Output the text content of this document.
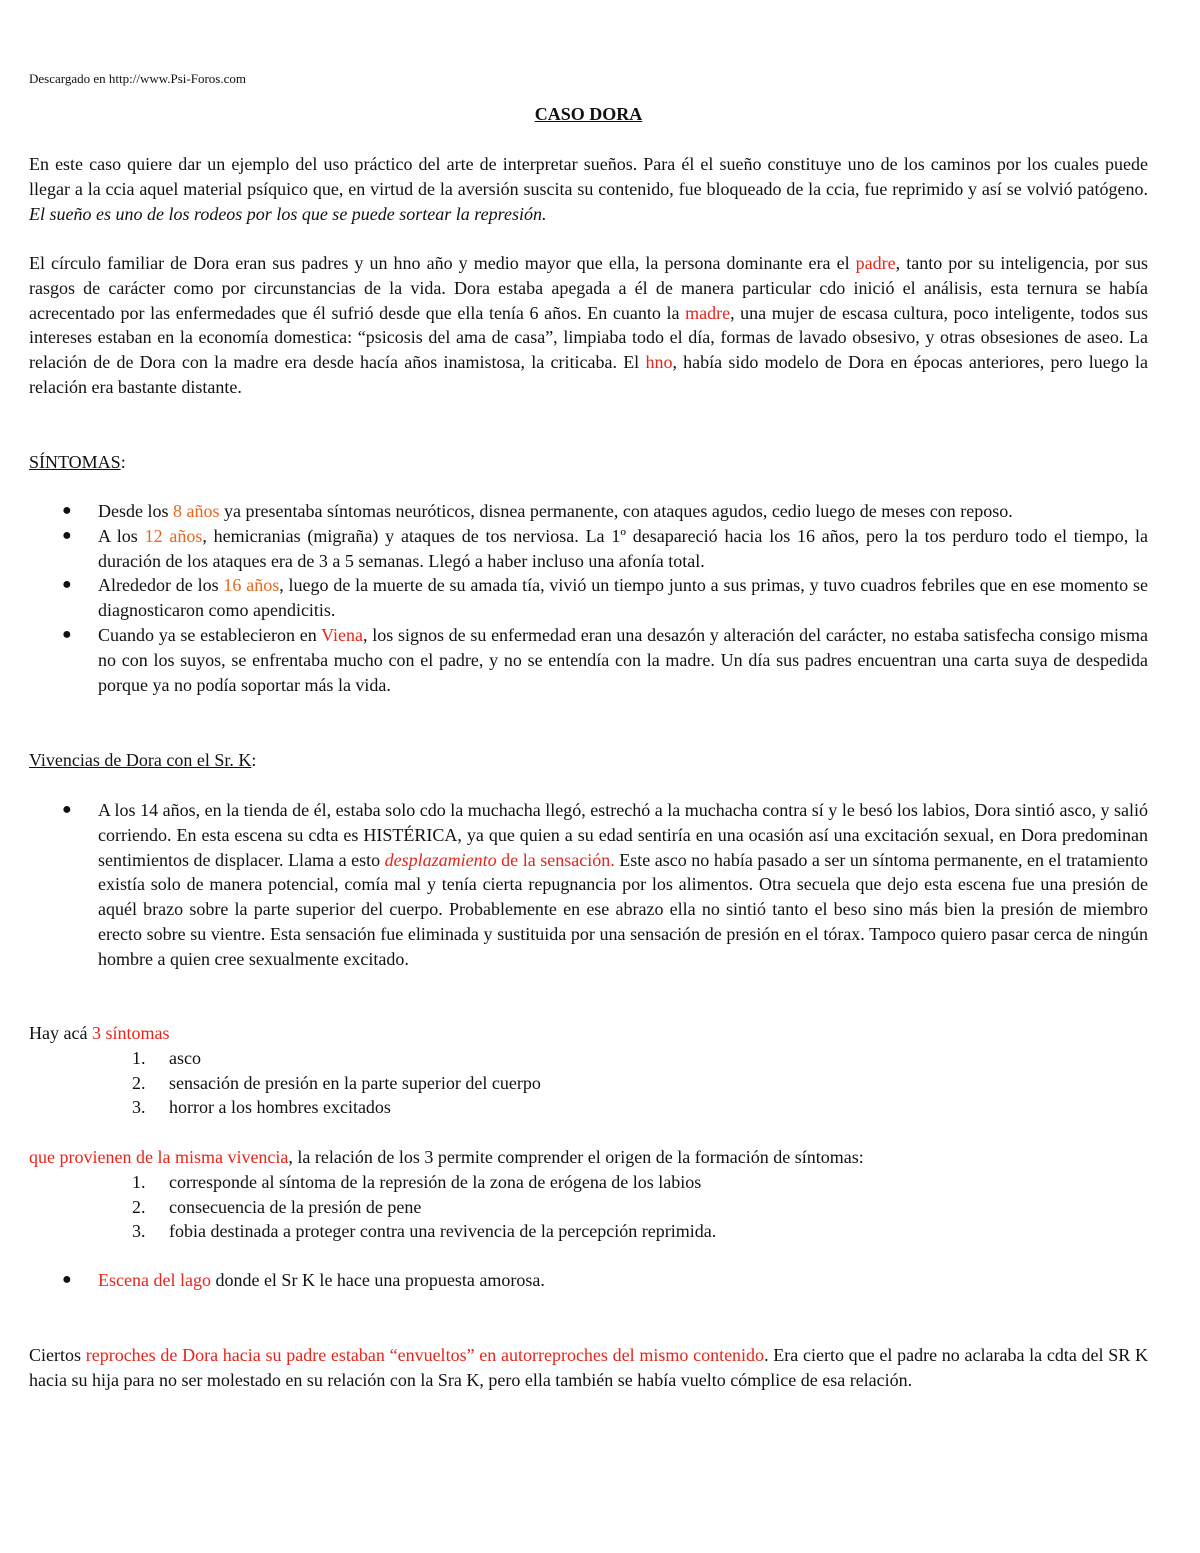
Descargado en http://www.Psi-Foros.com
CASO DORA
En este caso quiere dar un ejemplo del uso práctico del arte de interpretar sueños. Para él el sueño constituye uno de los caminos por los cuales puede llegar a la ccia aquel material psíquico que, en virtud de la aversión suscita su contenido, fue bloqueado de la ccia, fue reprimido y así se volvió patógeno. El sueño es uno de los rodeos por los que se puede sortear la represión.
El círculo familiar de Dora eran sus padres y un hno año y medio mayor que ella, la persona dominante era el padre, tanto por su inteligencia, por sus rasgos de carácter como por circunstancias de la vida. Dora estaba apegada a él de manera particular cdo inició el análisis, esta ternura se había acrecentado por las enfermedades que él sufrió desde que ella tenía 6 años. En cuanto la madre, una mujer de escasa cultura, poco inteligente, todos sus intereses estaban en la economía domestica: “psicosis del ama de casa”, limpiaba todo el día, formas de lavado obsesivo, y otras obsesiones de aseo. La relación de de Dora con la madre era desde hacía años inamistosa, la criticaba. El hno, había sido modelo de Dora en épocas anteriores, pero luego la relación era bastante distante.
SÍNTOMAS:
● Desde los 8 años ya presentaba síntomas neuróticos, disnea permanente, con ataques agudos, cedio luego de meses con reposo.
● A los 12 años, hemicranias (migraña) y ataques de tos nerviosa. La 1º desapareció hacia los 16 años, pero la tos perduro todo el tiempo, la duración de los ataques era de 3 a 5 semanas. Llegó a haber incluso una afonía total.
● Alrededor de los 16 años, luego de la muerte de su amada tía, vivió un tiempo junto a sus primas, y tuvo cuadros febriles que en ese momento se diagnosticaron como apendicitis.
● Cuando ya se establecieron en Viena, los signos de su enfermedad eran una desazón y alteración del carácter, no estaba satisfecha consigo misma no con los suyos, se enfrentaba mucho con el padre, y no se entendía con la madre. Un día sus padres encuentran una carta suya de despedida porque ya no podía soportar más la vida.
Vivencias de Dora con el Sr. K:
● A los 14 años, en la tienda de él, estaba solo cdo la muchacha llegó, estrechó a la muchacha contra sí y le besó los labios, Dora sintió asco, y salió corriendo. En esta escena su cdta es HISTÉRICA, ya que quien a su edad sentiría en una ocasión así una excitación sexual, en Dora predominan sentimientos de displacer. Llama a esto desplazamiento de la sensación. Este asco no había pasado a ser un síntoma permanente, en el tratamiento existía solo de manera potencial, comía mal y tenía cierta repugnancia por los alimentos. Otra secuela que dejo esta escena fue una presión de aquél brazo sobre la parte superior del cuerpo. Probablemente en ese abrazo ella no sintió tanto el beso sino más bien la presión de miembro erecto sobre su vientre. Esta sensación fue eliminada y sustituida por una sensación de presión en el tórax. Tampoco quiero pasar cerca de ningún hombre a quien cree sexualmente excitado.
Hay acá 3 síntomas
1. asco
2. sensación de presión en la parte superior del cuerpo
3. horror a los hombres excitados
que provienen de la misma vivencia, la relación de los 3 permite comprender el origen de la formación de síntomas:
1. corresponde al síntoma de la represión de la zona de erógena de los labios
2. consecuencia de la presión de pene
3. fobia destinada a proteger contra una revivencia de la percepción reprimida.
● Escena del lago donde el Sr K le hace una propuesta amorosa.
Ciertos reproches de Dora hacia su padre estaban “envueltos” en autorreproches del mismo contenido. Era cierto que el padre no aclaraba la cdta del SR K hacia su hija para no ser molestado en su relación con la Sra K, pero ella también se había vuelto cómplice de esa relación.
